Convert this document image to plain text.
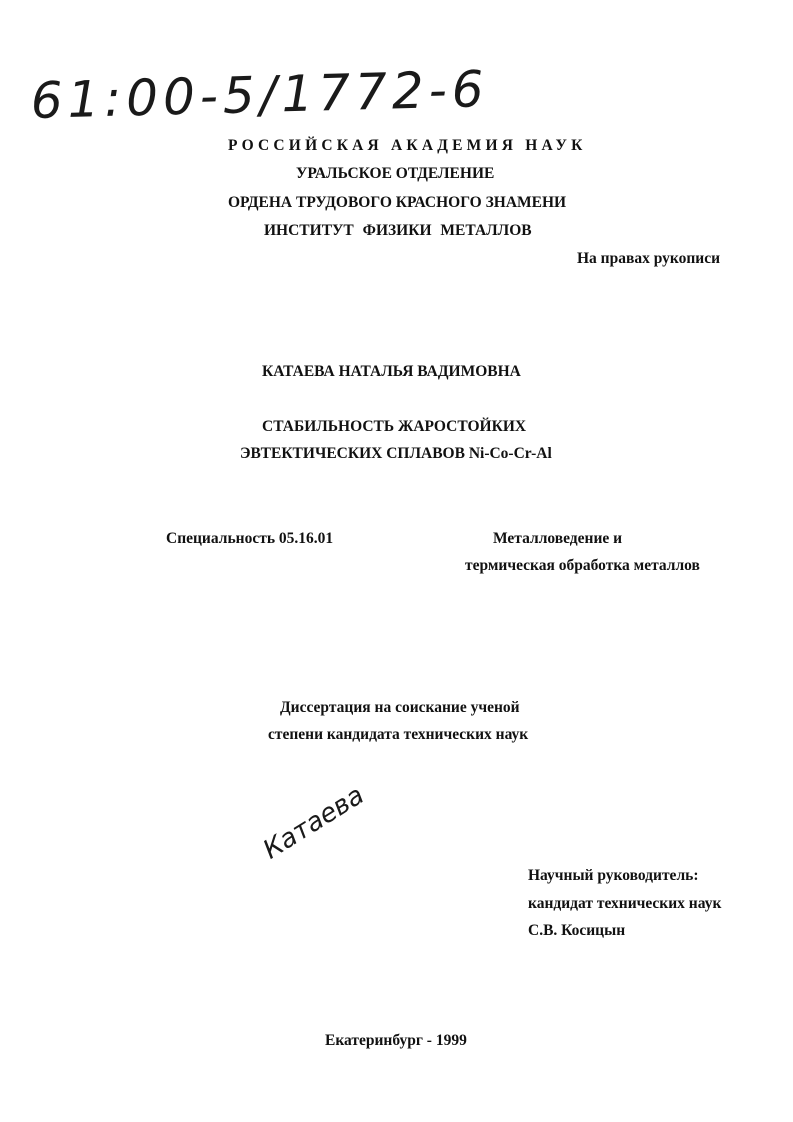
61:00-5/1772-6
РОССИЙСКАЯ АКАДЕМИЯ НАУК
УРАЛЬСКОЕ ОТДЕЛЕНИЕ
ОРДЕНА ТРУДОВОГО КРАСНОГО ЗНАМЕНИ
ИНСТИТУТ ФИЗИКИ МЕТАЛЛОВ
На правах рукописи
КАТАЕВА НАТАЛЬЯ ВАДИМОВНА
СТАБИЛЬНОСТЬ ЖАРОСТОЙКИХ
ЭВТЕКТИЧЕСКИХ СПЛАВОВ Ni-Co-Cr-Al
Специальность 05.16.01	Металловедение и
термическая обработка металлов
Диссертация на соискание ученой
степени кандидата технических наук
Катаева
Научный руководитель:
кандидат технических наук
С.В. Косицын
Екатеринбург - 1999
